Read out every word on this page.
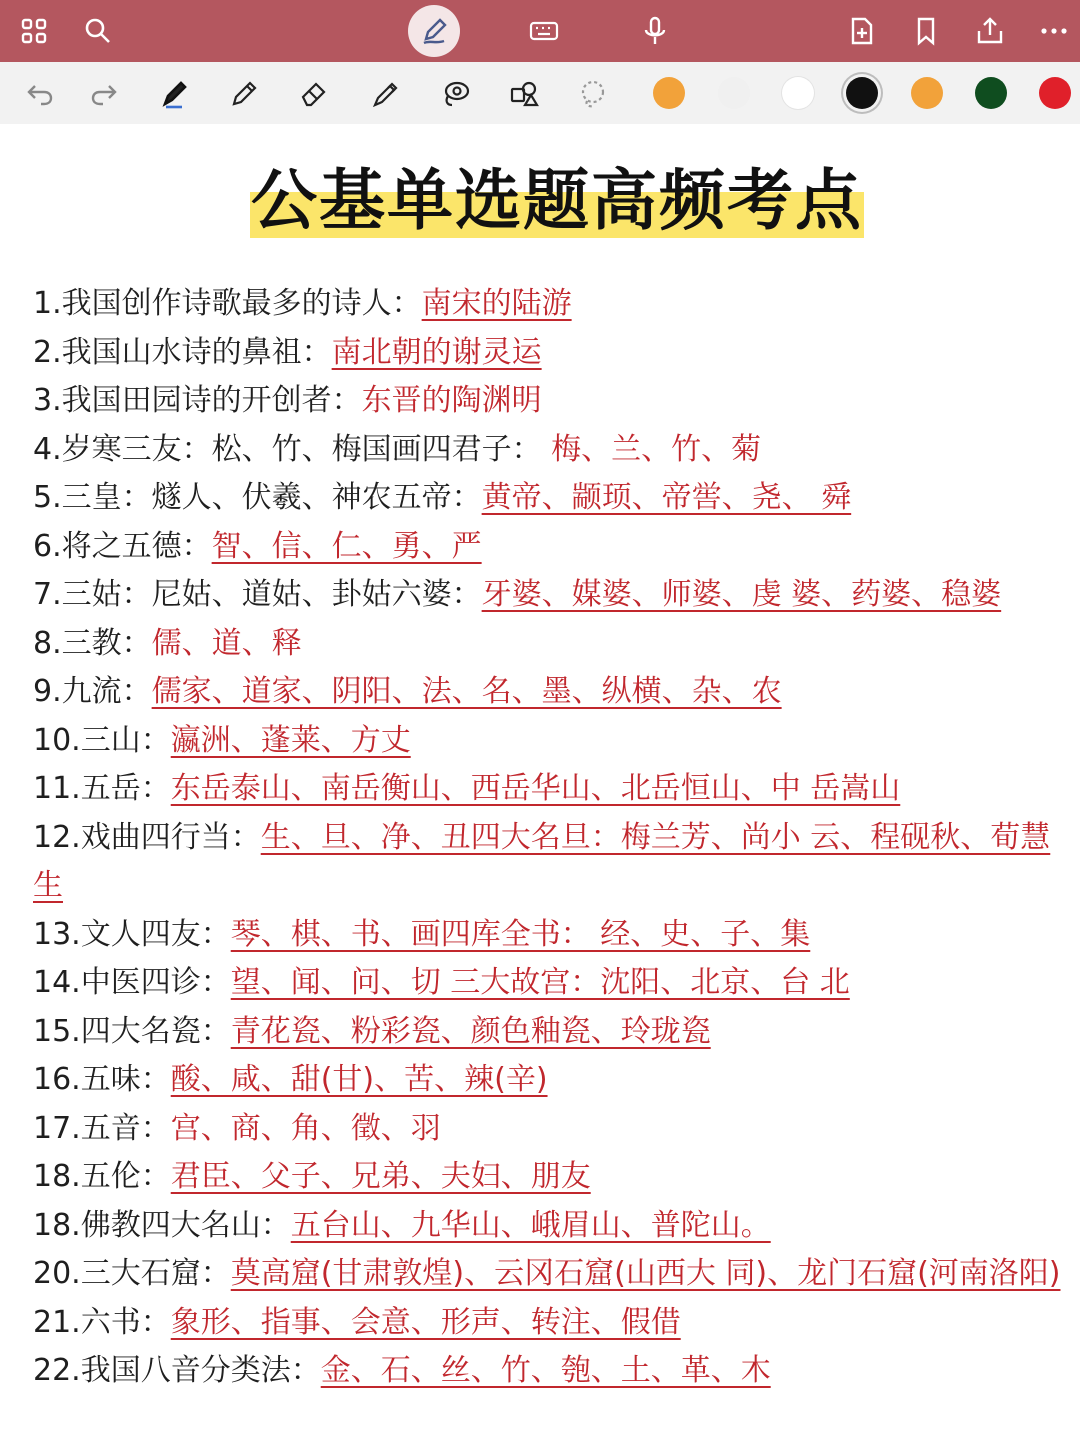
公基单选题高频考点
1.我国创作诗歌最多的诗人：南宋的陆游
2.我国山水诗的鼻祖：南北朝的谢灵运
3.我国田园诗的开创者：东晋的陶渊明
4.岁寒三友：松、竹、梅国画四君子： 梅、兰、竹、菊
5.三皇：燧人、伏羲、神农五帝：黄帝、颛顼、帝喾、尧、 舜
6.将之五德：智、信、仁、勇、严
7.三姑：尼姑、道姑、卦姑六婆：牙婆、媒婆、师婆、虔 婆、药婆、稳婆
8.三教：儒、道、释
9.九流：儒家、道家、阴阳、法、名、墨、纵横、杂、农
10.三山：瀛洲、蓬莱、方丈
11.五岳：东岳泰山、南岳衡山、西岳华山、北岳恒山、中 岳嵩山
12.戏曲四行当：生、旦、净、丑四大名旦：梅兰芳、尚小 云、程砚秋、荀慧生
13.文人四友：琴、棋、书、画四库全书： 经、史、子、集
14.中医四诊：望、闻、问、切 三大故宫：沈阳、北京、台 北
15.四大名瓷：青花瓷、粉彩瓷、颜色釉瓷、玲珑瓷
16.五味：酸、咸、甜(甘)、苦、辣(辛)
17.五音：宫、商、角、徵、羽
18.五伦：君臣、父子、兄弟、夫妇、朋友
18.佛教四大名山：五台山、九华山、峨眉山、普陀山。
20.三大石窟：莫高窟(甘肃敦煌)、云冈石窟(山西大 同)、龙门石窟(河南洛阳)
21.六书：象形、指事、会意、形声、转注、假借
22.我国八音分类法：金、石、丝、竹、匏、土、革、木
